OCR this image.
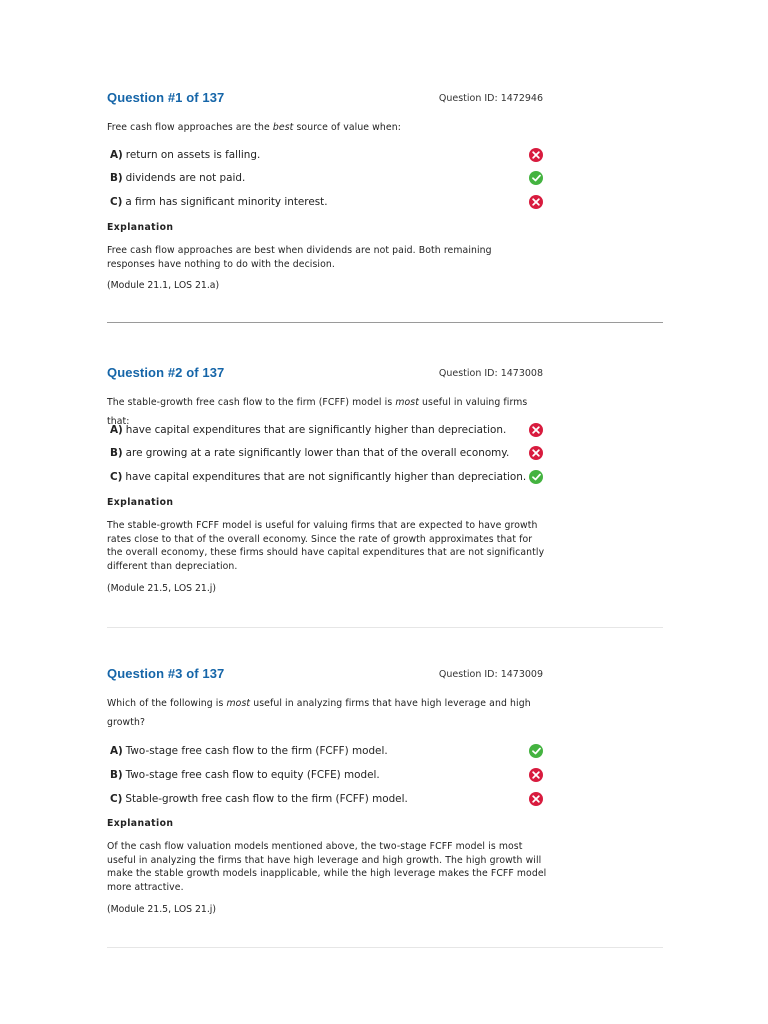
Question #1 of 137	Question ID: 1472946
Free cash flow approaches are the best source of value when:
A) return on assets is falling.
B) dividends are not paid.
C) a firm has significant minority interest.
Explanation
Free cash flow approaches are best when dividends are not paid. Both remaining responses have nothing to do with the decision.
(Module 21.1, LOS 21.a)
Question #2 of 137	Question ID: 1473008
The stable-growth free cash flow to the firm (FCFF) model is most useful in valuing firms that:
A) have capital expenditures that are significantly higher than depreciation.
B) are growing at a rate significantly lower than that of the overall economy.
C) have capital expenditures that are not significantly higher than depreciation.
Explanation
The stable-growth FCFF model is useful for valuing firms that are expected to have growth rates close to that of the overall economy. Since the rate of growth approximates that for the overall economy, these firms should have capital expenditures that are not significantly different than depreciation.
(Module 21.5, LOS 21.j)
Question #3 of 137	Question ID: 1473009
Which of the following is most useful in analyzing firms that have high leverage and high growth?
A) Two-stage free cash flow to the firm (FCFF) model.
B) Two-stage free cash flow to equity (FCFE) model.
C) Stable-growth free cash flow to the firm (FCFF) model.
Explanation
Of the cash flow valuation models mentioned above, the two-stage FCFF model is most useful in analyzing the firms that have high leverage and high growth. The high growth will make the stable growth models inapplicable, while the high leverage makes the FCFF model more attractive.
(Module 21.5, LOS 21.j)
